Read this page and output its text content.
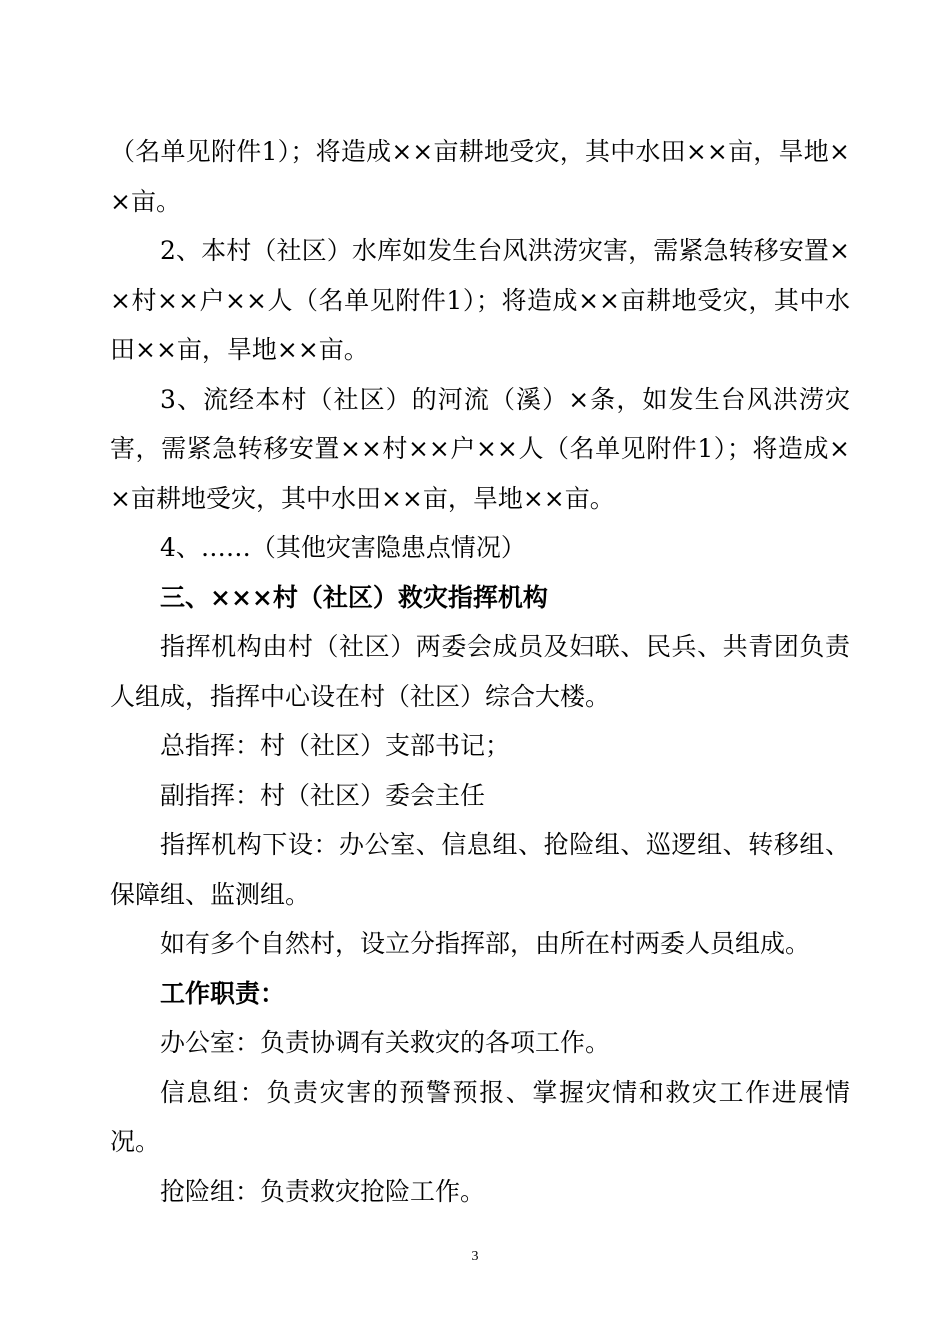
（名单见附件1）；将造成××亩耕地受灾，其中水田××亩，旱地××亩。

2、本村（社区）水库如发生台风洪涝灾害，需紧急转移安置××村××户××人（名单见附件1）；将造成××亩耕地受灾，其中水田××亩，旱地××亩。

3、流经本村（社区）的河流（溪）×条，如发生台风洪涝灾害，需紧急转移安置××村××户××人（名单见附件1）；将造成××亩耕地受灾，其中水田××亩，旱地××亩。

4、……（其他灾害隐患点情况）

三、×××村（社区）救灾指挥机构

指挥机构由村（社区）两委会成员及妇联、民兵、共青团负责人组成，指挥中心设在村（社区）综合大楼。

总指挥：村（社区）支部书记；

副指挥：村（社区）委会主任

指挥机构下设：办公室、信息组、抢险组、巡逻组、转移组、保障组、监测组。

如有多个自然村，设立分指挥部，由所在村两委人员组成。

工作职责：

办公室：负责协调有关救灾的各项工作。

信息组：负责灾害的预警预报、掌握灾情和救灾工作进展情况。

抢险组：负责救灾抢险工作。

3
